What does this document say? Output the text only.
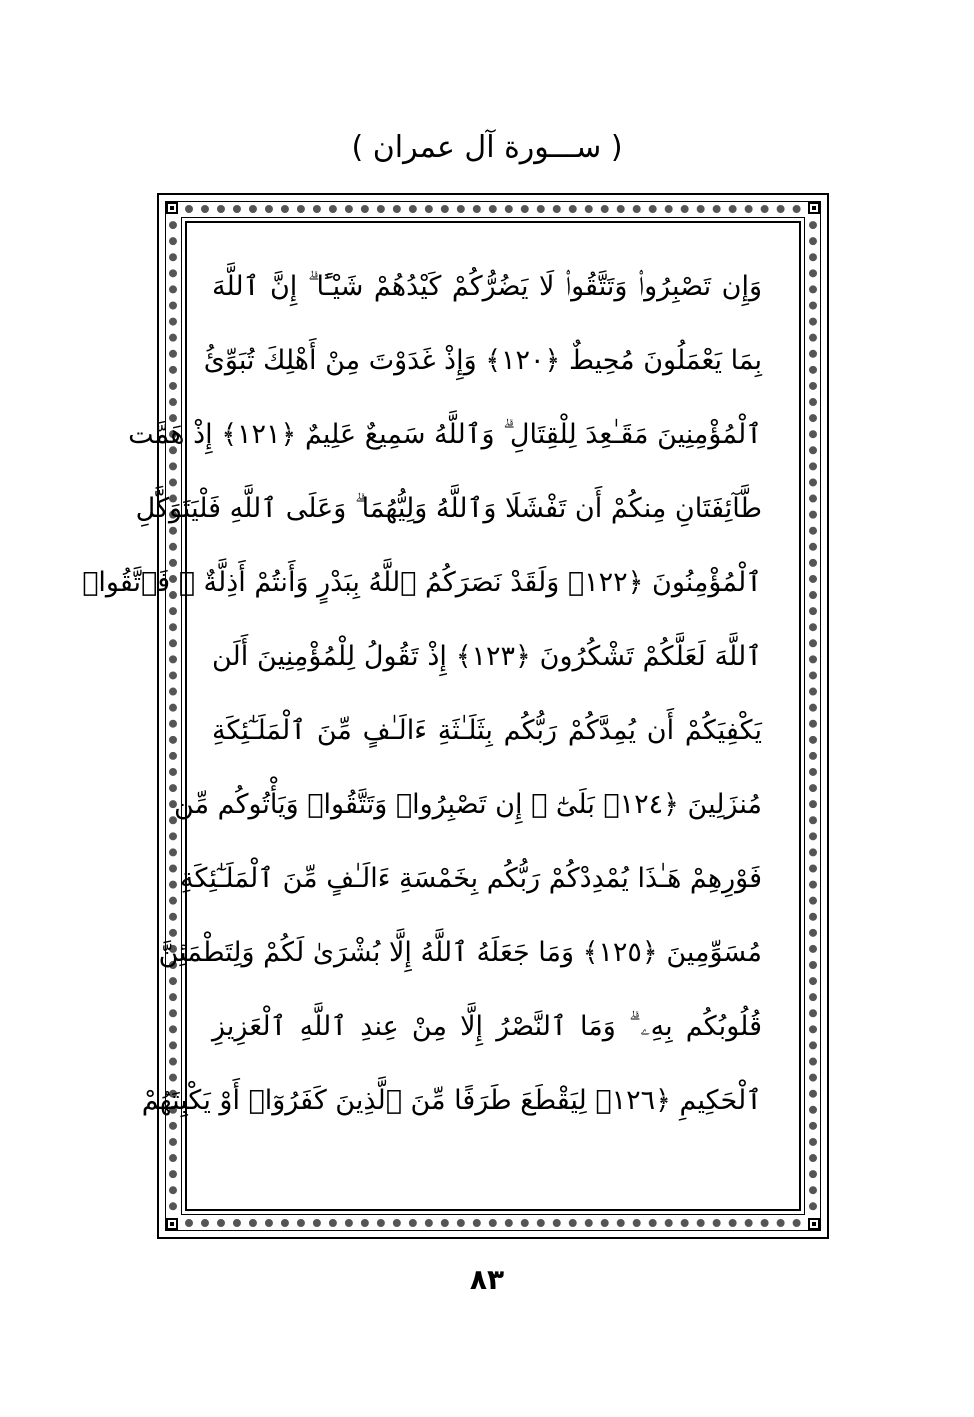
( ســـورة آل عمران )
وَإِن تَصْبِرُوا۟ وَتَتَّقُوا۟ لَا يَضُرُّكُمْ كَيْدُهُمْ شَيْـًٔا ۗ إِنَّ ٱللَّهَ
بِمَا يَعْمَلُونَ مُحِيطٌ ﴿١٢٠﴾ وَإِذْ غَدَوْتَ مِنْ أَهْلِكَ تُبَوِّئُ
ٱلْمُؤْمِنِينَ مَقَـٰعِدَ لِلْقِتَالِ ۗ وَٱللَّهُ سَمِيعٌ عَلِيمٌ ﴿١٢١﴾ إِذْ هَمَّت
طَّآئِفَتَانِ مِنكُمْ أَن تَفْشَلَا وَٱللَّهُ وَلِيُّهُمَا ۗ وَعَلَى ٱللَّهِ فَلْيَتَوَكَّلِ
ٱلْمُؤْمِنُونَ ﴿١٢٢﴾ وَلَقَدْ نَصَرَكُمُ ٱللَّهُ بِبَدْرٍ وَأَنتُمْ أَذِلَّةٌ ۖ فَٱتَّقُوا۟
ٱللَّهَ لَعَلَّكُمْ تَشْكُرُونَ ﴿١٢٣﴾ إِذْ تَقُولُ لِلْمُؤْمِنِينَ أَلَن
يَكْفِيَكُمْ أَن يُمِدَّكُمْ رَبُّكُم بِثَلَـٰثَةِ ءَالَـٰفٍ مِّنَ ٱلْمَلَـٰٓئِكَةِ
مُنزَلِينَ ﴿١٢٤﴾ بَلَىٰٓ ۚ إِن تَصْبِرُوا۟ وَتَتَّقُوا۟ وَيَأْتُوكُم مِّن
فَوْرِهِمْ هَـٰذَا يُمْدِدْكُمْ رَبُّكُم بِخَمْسَةِ ءَالَـٰفٍ مِّنَ ٱلْمَلَـٰٓئِكَةِ
مُسَوِّمِينَ ﴿١٢٥﴾ وَمَا جَعَلَهُ ٱللَّهُ إِلَّا بُشْرَىٰ لَكُمْ وَلِتَطْمَئِنَّ
قُلُوبُكُم بِهِۦ ۗ وَمَا ٱلنَّصْرُ إِلَّا مِنْ عِندِ ٱللَّهِ ٱلْعَزِيزِ
ٱلْحَكِيمِ ﴿١٢٦﴾ لِيَقْطَعَ طَرَفًا مِّنَ ٱلَّذِينَ كَفَرُوٓا۟ أَوْ يَكْبِتَهُمْ
٨٣
